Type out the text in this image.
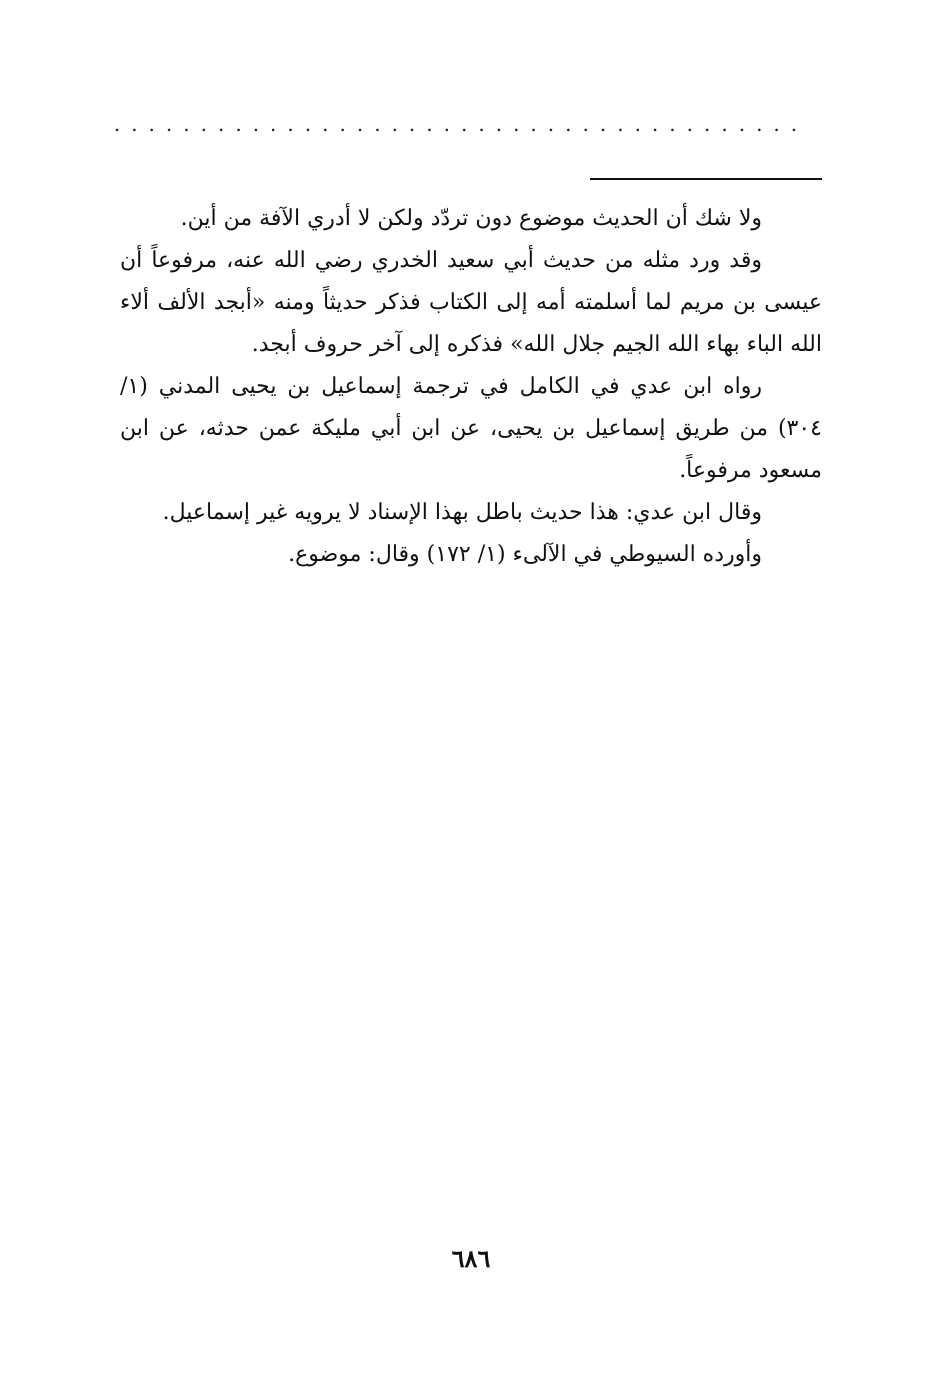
........................................

ولا شك أن الحديث موضوع دون تردّد ولكن لا أدري الآفة من أين.

وقد ورد مثله من حديث أبي سعيد الخدري رضي الله عنه، مرفوعاً أن عيسى بن مريم لما أسلمته أمه إلى الكتاب فذكر حديثاً ومنه «أبجد الألف ألاء الله الباء بهاء الله الجيم جلال الله» فذكره إلى آخر حروف أبجد.

رواه ابن عدي في الكامل في ترجمة إسماعيل بن يحيى المدني (١/ ٣٠٤) من طريق إسماعيل بن يحيى، عن ابن أبي مليكة عمن حدثه، عن ابن مسعود مرفوعاً.

وقال ابن عدي: هذا حديث باطل بهذا الإسناد لا يرويه غير إسماعيل.

وأورده السيوطي في الآلىء (١/ ١٧٢) وقال: موضوع.

٦٨٦
